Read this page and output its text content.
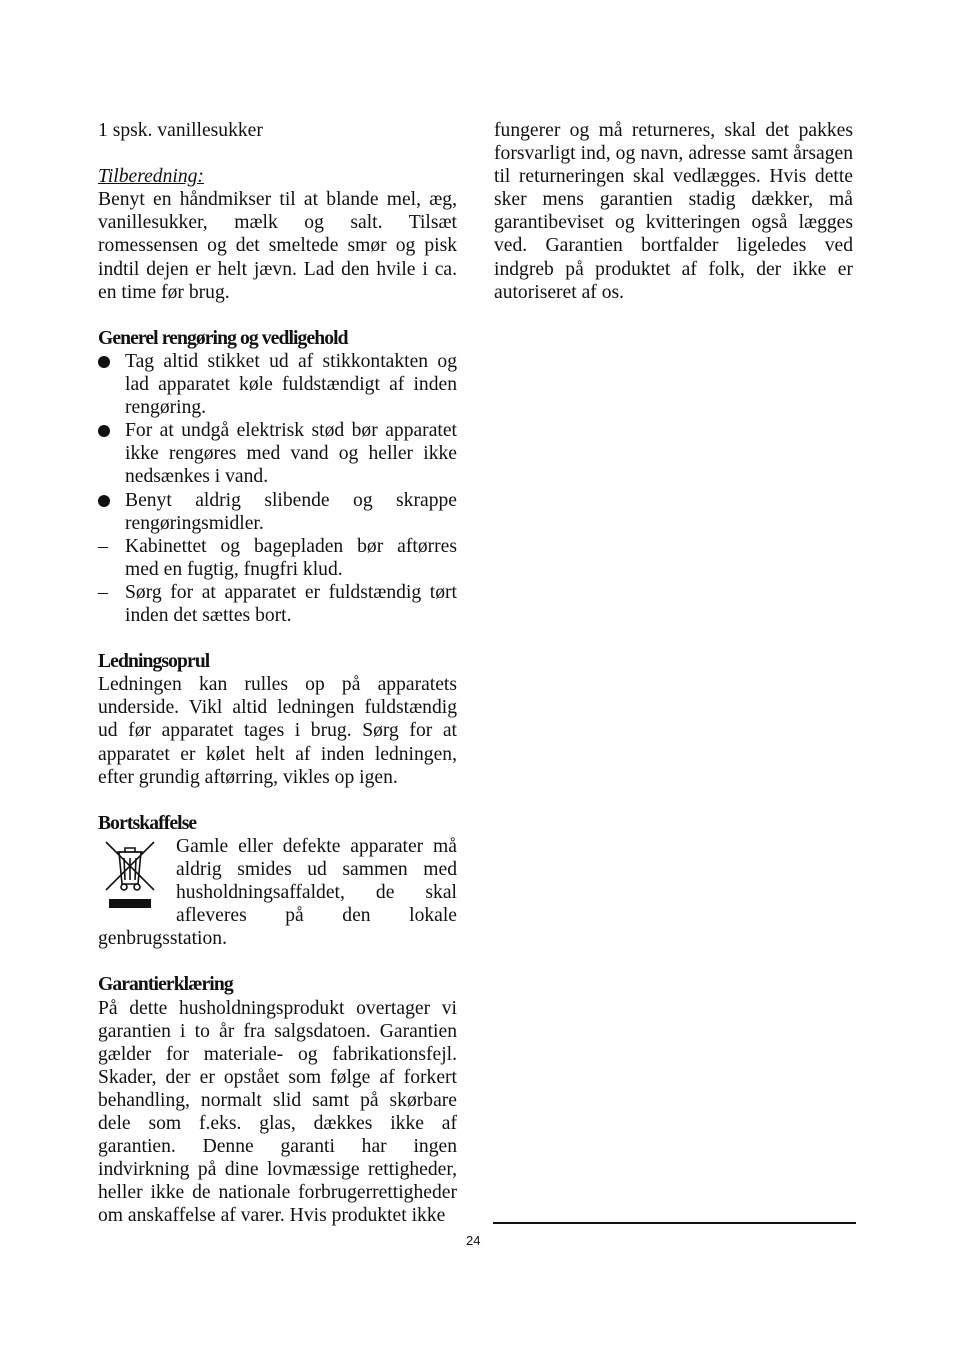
1 spsk. vanillesukker

Tilberedning:

Benyt en håndmikser til at blande mel, æg, vanillesukker, mælk og salt. Tilsæt romessensen og det smeltede smør og pisk indtil dejen er helt jævn. Lad den hvile i ca. en time før brug.

Generel rengøring og vedligehold

Tag altid stikket ud af stikkontakten og lad apparatet køle fuldstændigt af inden rengøring.
For at undgå elektrisk stød bør apparatet ikke rengøres med vand og heller ikke nedsænkes i vand.
Benyt aldrig slibende og skrappe rengøringsmidler.
– Kabinettet og bagepladen bør aftørres med en fugtig, fnugfri klud.
– Sørg for at apparatet er fuldstændig tørt inden det sættes bort.

Ledningsoprul

Ledningen kan rulles op på apparatets underside. Vikl altid ledningen fuldstændig ud før apparatet tages i brug. Sørg for at apparatet er kølet helt af inden ledningen, efter grundig aftørring, vikles op igen.

Bortskaffelse

Gamle eller defekte apparater må aldrig smides ud sammen med husholdningsaffaldet, de skal afleveres på den lokale genbrugsstation.

Garantierklæring

På dette husholdningsprodukt overtager vi garantien i to år fra salgsdatoen. Garantien gælder for materiale- og fabrikationsfejl. Skader, der er opstået som følge af forkert behandling, normalt slid samt på skørbare dele som f.eks. glas, dækkes ikke af garantien. Denne garanti har ingen indvirkning på dine lovmæssige rettigheder, heller ikke de nationale forbrugerrettigheder om anskaffelse af varer. Hvis produktet ikke

fungerer og må returneres, skal det pakkes forsvarligt ind, og navn, adresse samt årsagen til returneringen skal vedlægges. Hvis dette sker mens garantien stadig dækker, må garantibeviset og kvitteringen også lægges ved. Garantien bortfalder ligeledes ved indgreb på produktet af folk, der ikke er autoriseret af os.

24
